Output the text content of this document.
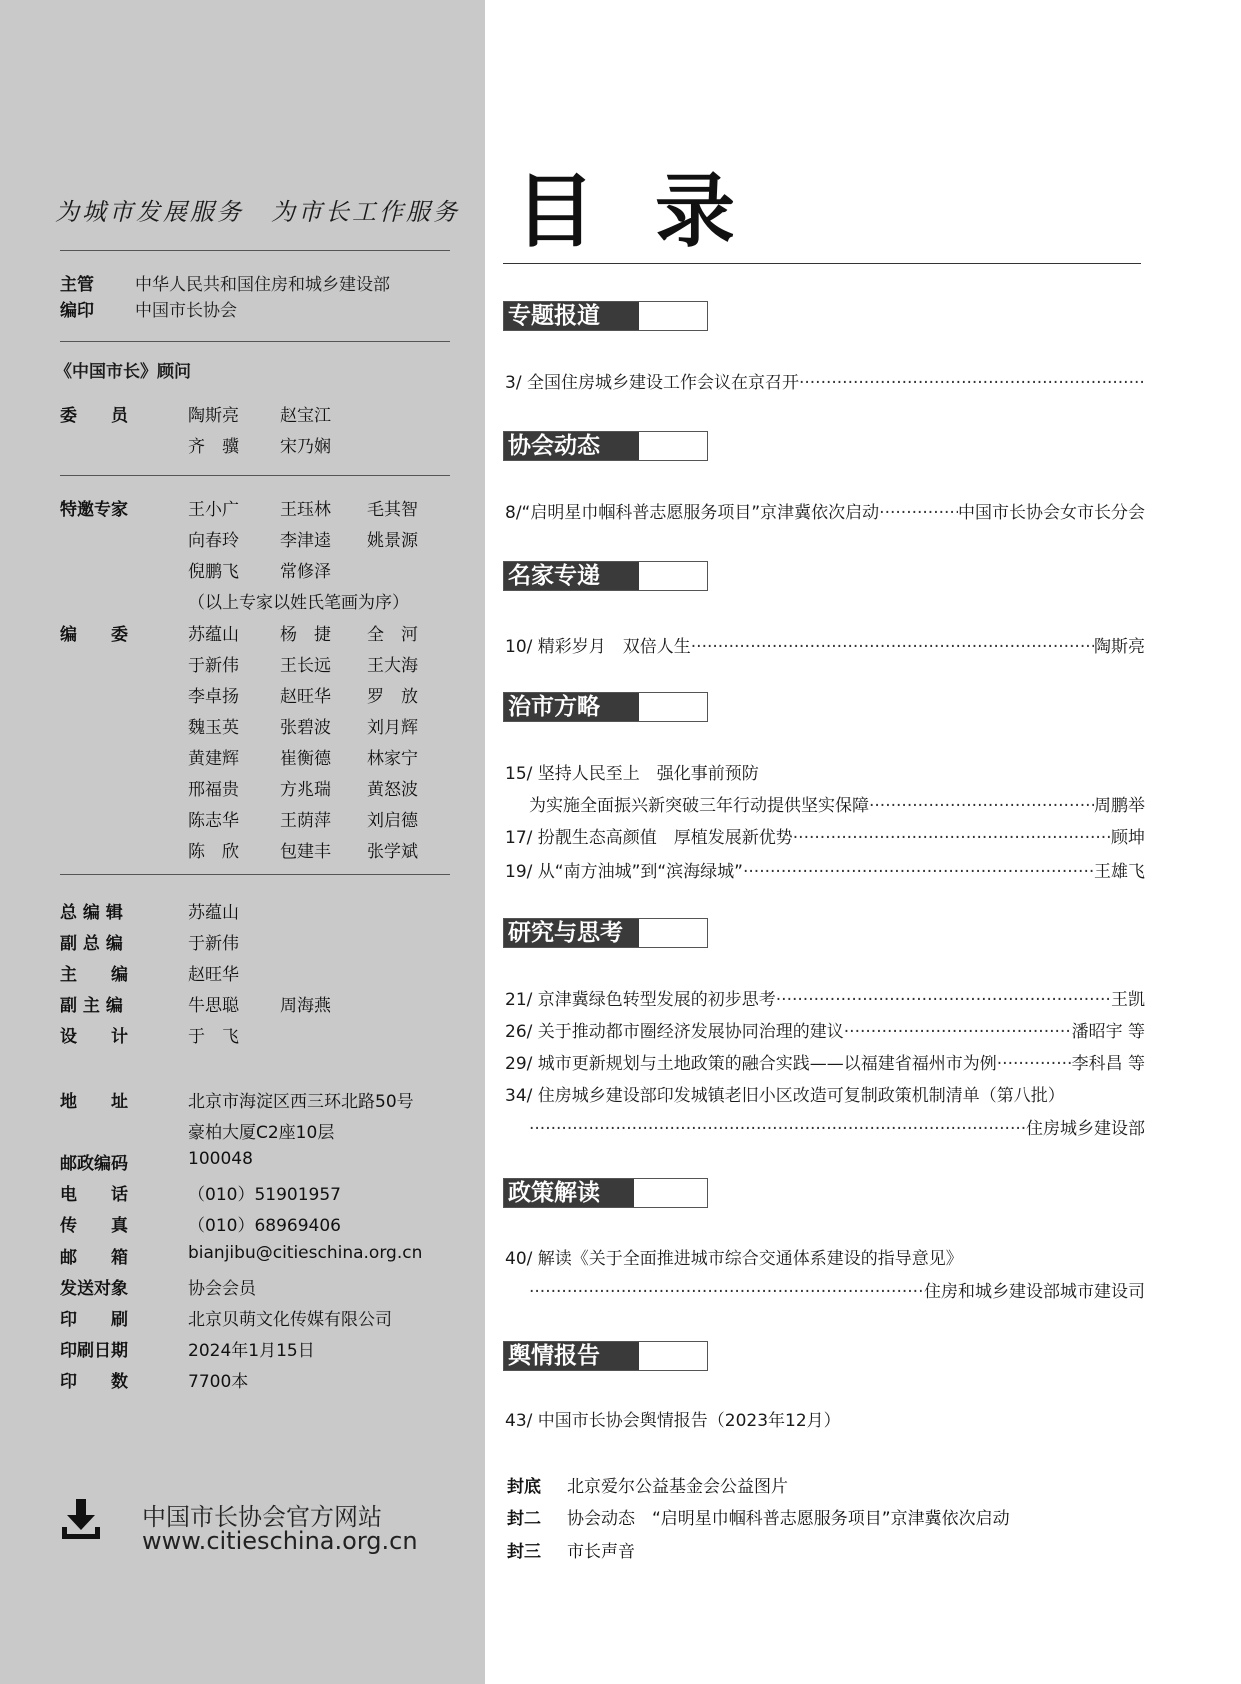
为城市发展服务　为市长工作服务
主管 中华人民共和国住房和城乡建设部
编印 中国市长协会
《中国市长》顾问
委　　员	陶斯亮 赵宝江
齐　骥 宋乃娴
特邀专家	王小广 王珏林 毛其智
向春玲 李津逵 姚景源
倪鹏飞 常修泽
（以上专家以姓氏笔画为序）
编　　委	苏蕴山 杨　捷 全　河
于新伟 王长远 王大海
李卓扬 赵旺华 罗　放
魏玉英 张碧波 刘月辉
黄建辉 崔衡德 林家宁
邢福贵 方兆瑞 黄怒波
陈志华 王荫萍 刘启德
陈　欣 包建丰 张学斌
总 编 辑	苏蕴山
副 总 编	于新伟
主　　编	赵旺华
副 主 编	牛思聪 周海燕
设　　计	于　飞
地　　址	北京市海淀区西三环北路50号
豪柏大厦C2座10层
邮政编码	100048
电　　话	（010）51901957
传　　真	（010）68969406
邮　　箱	bianjibu@citieschina.org.cn
发送对象	协会会员
印　　刷	北京贝萌文化传媒有限公司
印刷日期	2024年1月15日
印　　数	7700本
中国市长协会官方网站
www.citieschina.org.cn
目录
专题报道
3/ 全国住房城乡建设工作会议在京召开
.....
协会动态
8/“启明星巾帼科普志愿服务项目”京津冀依次启动 .....	中国市长协会女市长分会
名家专递
10/ 精彩岁月　双倍人生 .....	陶斯亮
治市方略
15/ 坚持人民至上　强化事前预防
为实施全面振兴新突破三年行动提供坚实保障 .....	周鹏举
17/ 扮靓生态高颜值　厚植发展新优势 .....	顾坤
19/ 从“南方油城”到“滨海绿城” .....	王雄飞
研究与思考
21/ 京津冀绿色转型发展的初步思考 .....	王凯
26/ 关于推动都市圈经济发展协同治理的建议 .....	潘昭宇 等
29/ 城市更新规划与土地政策的融合实践——以福建省福州市为例 .....	李科昌 等
34/ 住房城乡建设部印发城镇老旧小区改造可复制政策机制清单（第八批）
.....
住房城乡建设部
政策解读
40/ 解读《关于全面推进城市综合交通体系建设的指导意见》
.....
住房和城乡建设部城市建设司
舆情报告
43/ 中国市长协会舆情报告（2023年12月）
封底 北京爱尔公益基金会公益图片
封二 协会动态　“启明星巾帼科普志愿服务项目”京津冀依次启动
封三 市长声音
